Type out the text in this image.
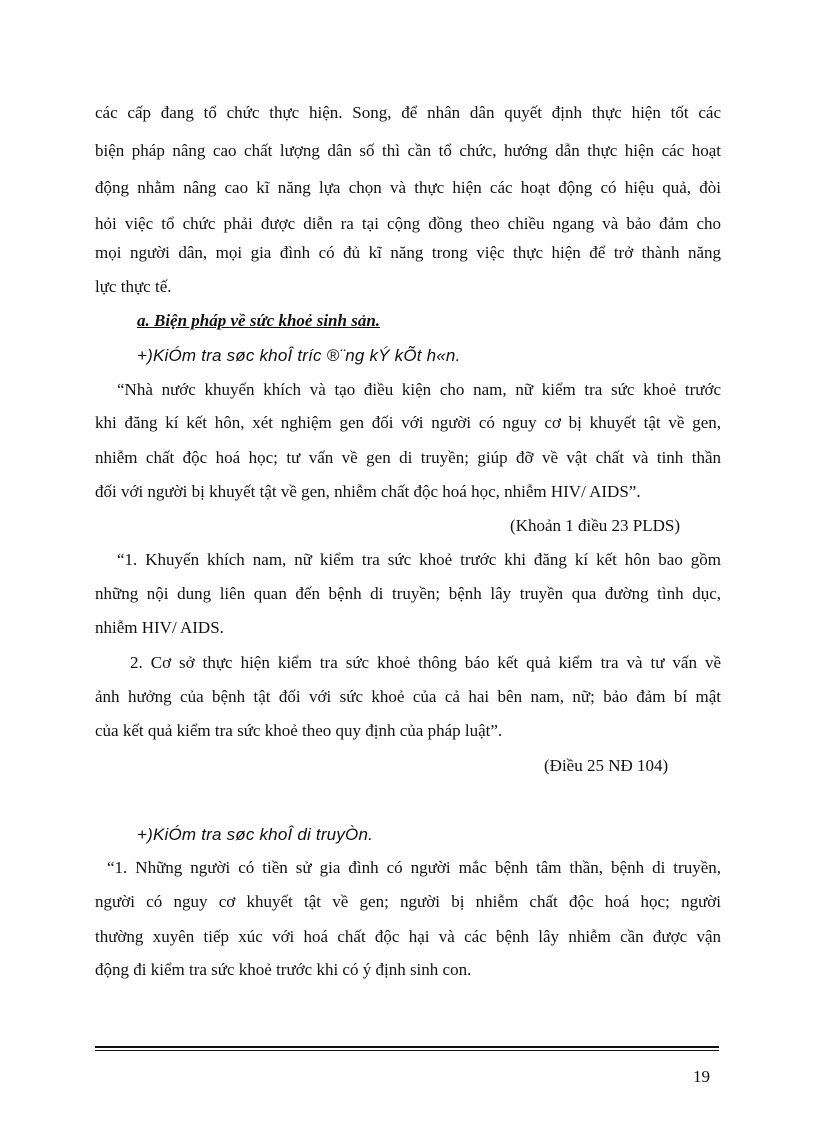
các cấp đang tổ chức thực hiện. Song, để nhân dân quyết định thực hiện tốt các
biện pháp nâng cao chất lượng dân số thì cần tổ chức, hướng dẫn thực hiện các hoạt
động nhằm nâng cao kĩ năng lựa chọn và thực hiện các hoạt động có hiệu quả, đòi
hỏi việc tổ chức phải được diễn ra tại cộng đồng theo chiều ngang và bảo đảm cho
mọi người dân, mọi gia đình có đủ kĩ năng trong việc thực hiện để trở thành năng
lực thực tế.
a. Biện pháp về sức khoẻ sinh sản.
+)KiÓm tra søc khoÎ tríc ®¨ng kÝ kÕt h«n.
“Nhà nước khuyến khích và tạo điều kiện cho nam, nữ kiểm tra sức khoẻ trước
khi đăng kí kết hôn, xét nghiệm gen đối với người có nguy cơ bị khuyết tật về gen,
nhiễm chất độc hoá học; tư vấn về gen di truyền; giúp đỡ về vật chất và tinh thần
đối với người bị khuyết tật về gen, nhiễm chất độc hoá học, nhiễm HIV/ AIDS”.
(Khoản 1 điều 23 PLDS)
“1. Khuyến khích nam, nữ kiểm tra sức khoẻ trước khi đăng kí kết hôn bao gồm
những nội dung liên quan đến bệnh di truyền; bệnh lây truyền qua đường tình dục,
nhiễm HIV/ AIDS.
2. Cơ sở thực hiện kiểm tra sức khoẻ thông báo kết quả kiểm tra và tư vấn về
ảnh hưởng của bệnh tật đối với sức khoẻ của cả hai bên nam, nữ; bảo đảm bí mật
của kết quả kiểm tra sức khoẻ theo quy định của pháp luật”.
(Điều 25 NĐ 104)
+)KiÓm tra søc khoÎ di truyÒn.
“1. Những người có tiền sử gia đình có người mắc bệnh tâm thần, bệnh di truyền,
người có nguy cơ khuyết tật về gen; người bị nhiễm chất độc hoá học; người
thường xuyên tiếp xúc với hoá chất độc hại và các bệnh lây nhiễm cần được vận
động đi kiểm tra sức khoẻ trước khi có ý định sinh con.
19
